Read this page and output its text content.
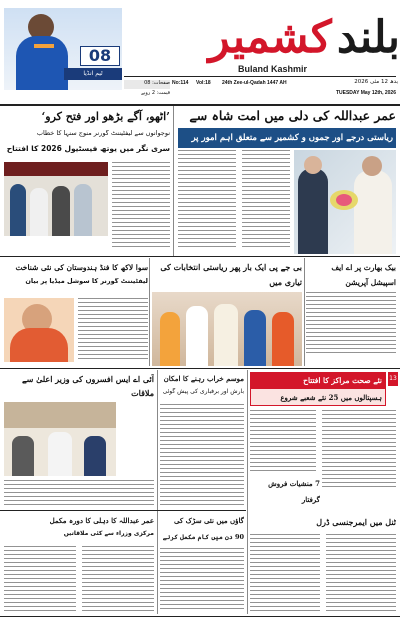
08
ٹیم انڈیا
بلند کشمیر
Buland Kashmir
بدھ 12 مئی 2026
24th Zee-ul-Qadah 1447 AH
Vol:18
No:114
TUESDAY May 12th, 2026
صفحات: 08
قیمت: 2 روپے
عمر عبداللہ کی دلی میں امت شاہ سے
ریاستی درجے اور جموں و کشمیر سے متعلق اہم امور پر
’اٹھو، آگے بڑھو اور فتح کرو‘
نوجوانوں سے لیفٹیننٹ گورنر منوج سنہا کا خطاب
سری نگر میں یوتھ فیسٹیول 2026 کا افتتاح
بیک بھارت پر اے ایف اسپیشل آپریشن
بی جے پی ایک بار پھر ریاستی انتخابات کی تیاری میں
سوا لاکھ کا فنڈ ہندوستان کی نئی شناخت
لیفٹیننٹ گورنر کا سوشل میڈیا پر بیان
آئی اے ایس افسروں کی وزیر اعلیٰ سے ملاقات
موسم خراب رہنے کا امکان
بارش اور برفباری کی پیش گوئی
13
نئے صحت مراکز کا افتتاح
ہسپتالوں میں 25 نئے شعبے شروع
7 منشیات فروش گرفتار
عمر عبداللہ کا دہلی کا دورہ مکمل
مرکزی وزراء سے کئی ملاقاتیں
گاؤں میں نئی سڑک کی
90 دن میں کام مکمل کرنے
ٹنل میں ایمرجنسی ڈرل
